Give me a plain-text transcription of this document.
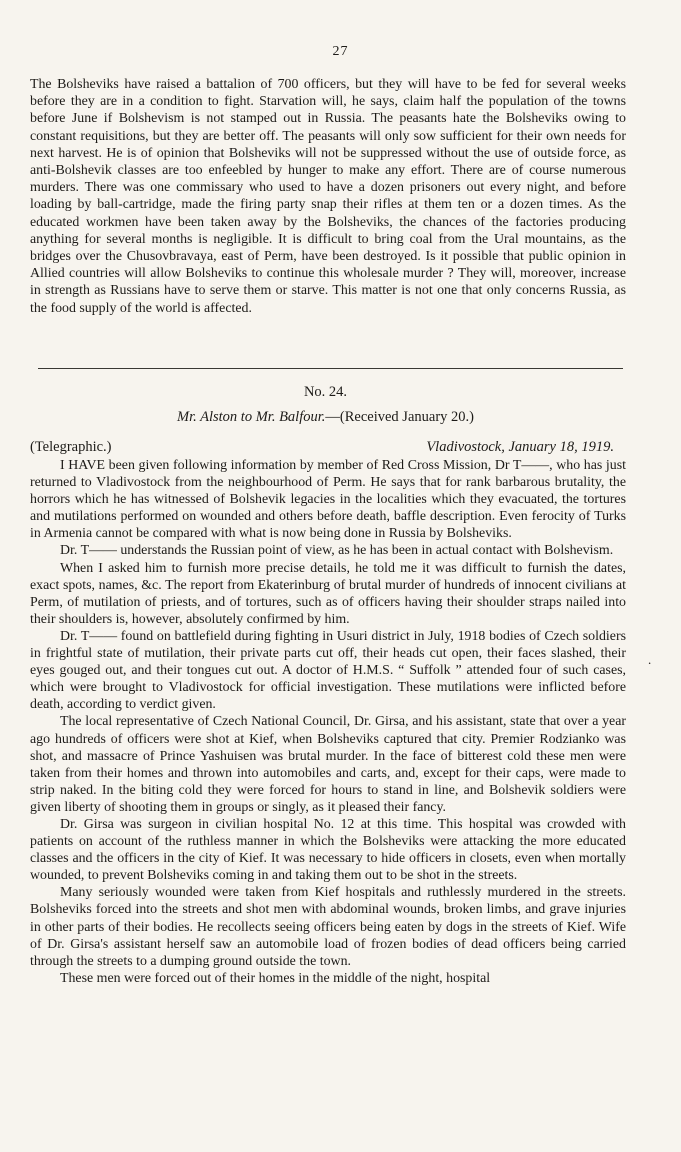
27

The Bolsheviks have raised a battalion of 700 officers, but they will have to be fed for several weeks before they are in a condition to fight. Starvation will, he says, claim half the population of the towns before June if Bolshevism is not stamped out in Russia. The peasants hate the Bolsheviks owing to constant requisitions, but they are better off. The peasants will only sow sufficient for their own needs for next harvest. He is of opinion that Bolsheviks will not be suppressed without the use of outside force, as anti-Bolshevik classes are too enfeebled by hunger to make any effort. There are of course numerous murders. There was one commissary who used to have a dozen prisoners out every night, and before loading by ball-cartridge, made the firing party snap their rifles at them ten or a dozen times. As the educated workmen have been taken away by the Bolsheviks, the chances of the factories producing anything for several months is negligible. It is difficult to bring coal from the Ural mountains, as the bridges over the Chusovbravaya, east of Perm, have been destroyed. Is it possible that public opinion in Allied countries will allow Bolsheviks to continue this wholesale murder ? They will, moreover, increase in strength as Russians have to serve them or starve. This matter is not one that only concerns Russia, as the food supply of the world is affected.

No. 24.
Mr. Alston to Mr. Balfour.—(Received January 20.)
(Telegraphic.)	Vladivostock, January 18, 1919.

I HAVE been given following information by member of Red Cross Mission, Dr T——, who has just returned to Vladivostock from the neighbourhood of Perm. He says that for rank barbarous brutality, the horrors which he has witnessed of Bolshevik legacies in the localities which they evacuated, the tortures and mutilations performed on wounded and others before death, baffle description. Even ferocity of Turks in Armenia cannot be compared with what is now being done in Russia by Bolsheviks.

Dr. T—— understands the Russian point of view, as he has been in actual contact with Bolshevism.

When I asked him to furnish more precise details, he told me it was difficult to furnish the dates, exact spots, names, &c. The report from Ekaterinburg of brutal murder of hundreds of innocent civilians at Perm, of mutilation of priests, and of tortures, such as of officers having their shoulder straps nailed into their shoulders is, however, absolutely confirmed by him.

Dr. T—— found on battlefield during fighting in Usuri district in July, 1918 bodies of Czech soldiers in frightful state of mutilation, their private parts cut off, their heads cut open, their faces slashed, their eyes gouged out, and their tongues cut out. A doctor of H.M.S. “ Suffolk ” attended four of such cases, which were brought to Vladivostock for official investigation. These mutilations were inflicted before death, according to verdict given.

The local representative of Czech National Council, Dr. Girsa, and his assistant, state that over a year ago hundreds of officers were shot at Kief, when Bolsheviks captured that city. Premier Rodzianko was shot, and massacre of Prince Yashuisen was brutal murder. In the face of bitterest cold these men were taken from their homes and thrown into automobiles and carts, and, except for their caps, were made to strip naked. In the biting cold they were forced for hours to stand in line, and Bolshevik soldiers were given liberty of shooting them in groups or singly, as it pleased their fancy.

Dr. Girsa was surgeon in civilian hospital No. 12 at this time. This hospital was crowded with patients on account of the ruthless manner in which the Bolsheviks were attacking the more educated classes and the officers in the city of Kief. It was necessary to hide officers in closets, even when mortally wounded, to prevent Bolsheviks coming in and taking them out to be shot in the streets.

Many seriously wounded were taken from Kief hospitals and ruthlessly murdered in the streets. Bolsheviks forced into the streets and shot men with abdominal wounds, broken limbs, and grave injuries in other parts of their bodies. He recollects seeing officers being eaten by dogs in the streets of Kief. Wife of Dr. Girsa's assistant herself saw an automobile load of frozen bodies of dead officers being carried through the streets to a dumping ground outside the town.

These men were forced out of their homes in the middle of the night, hospital

.
